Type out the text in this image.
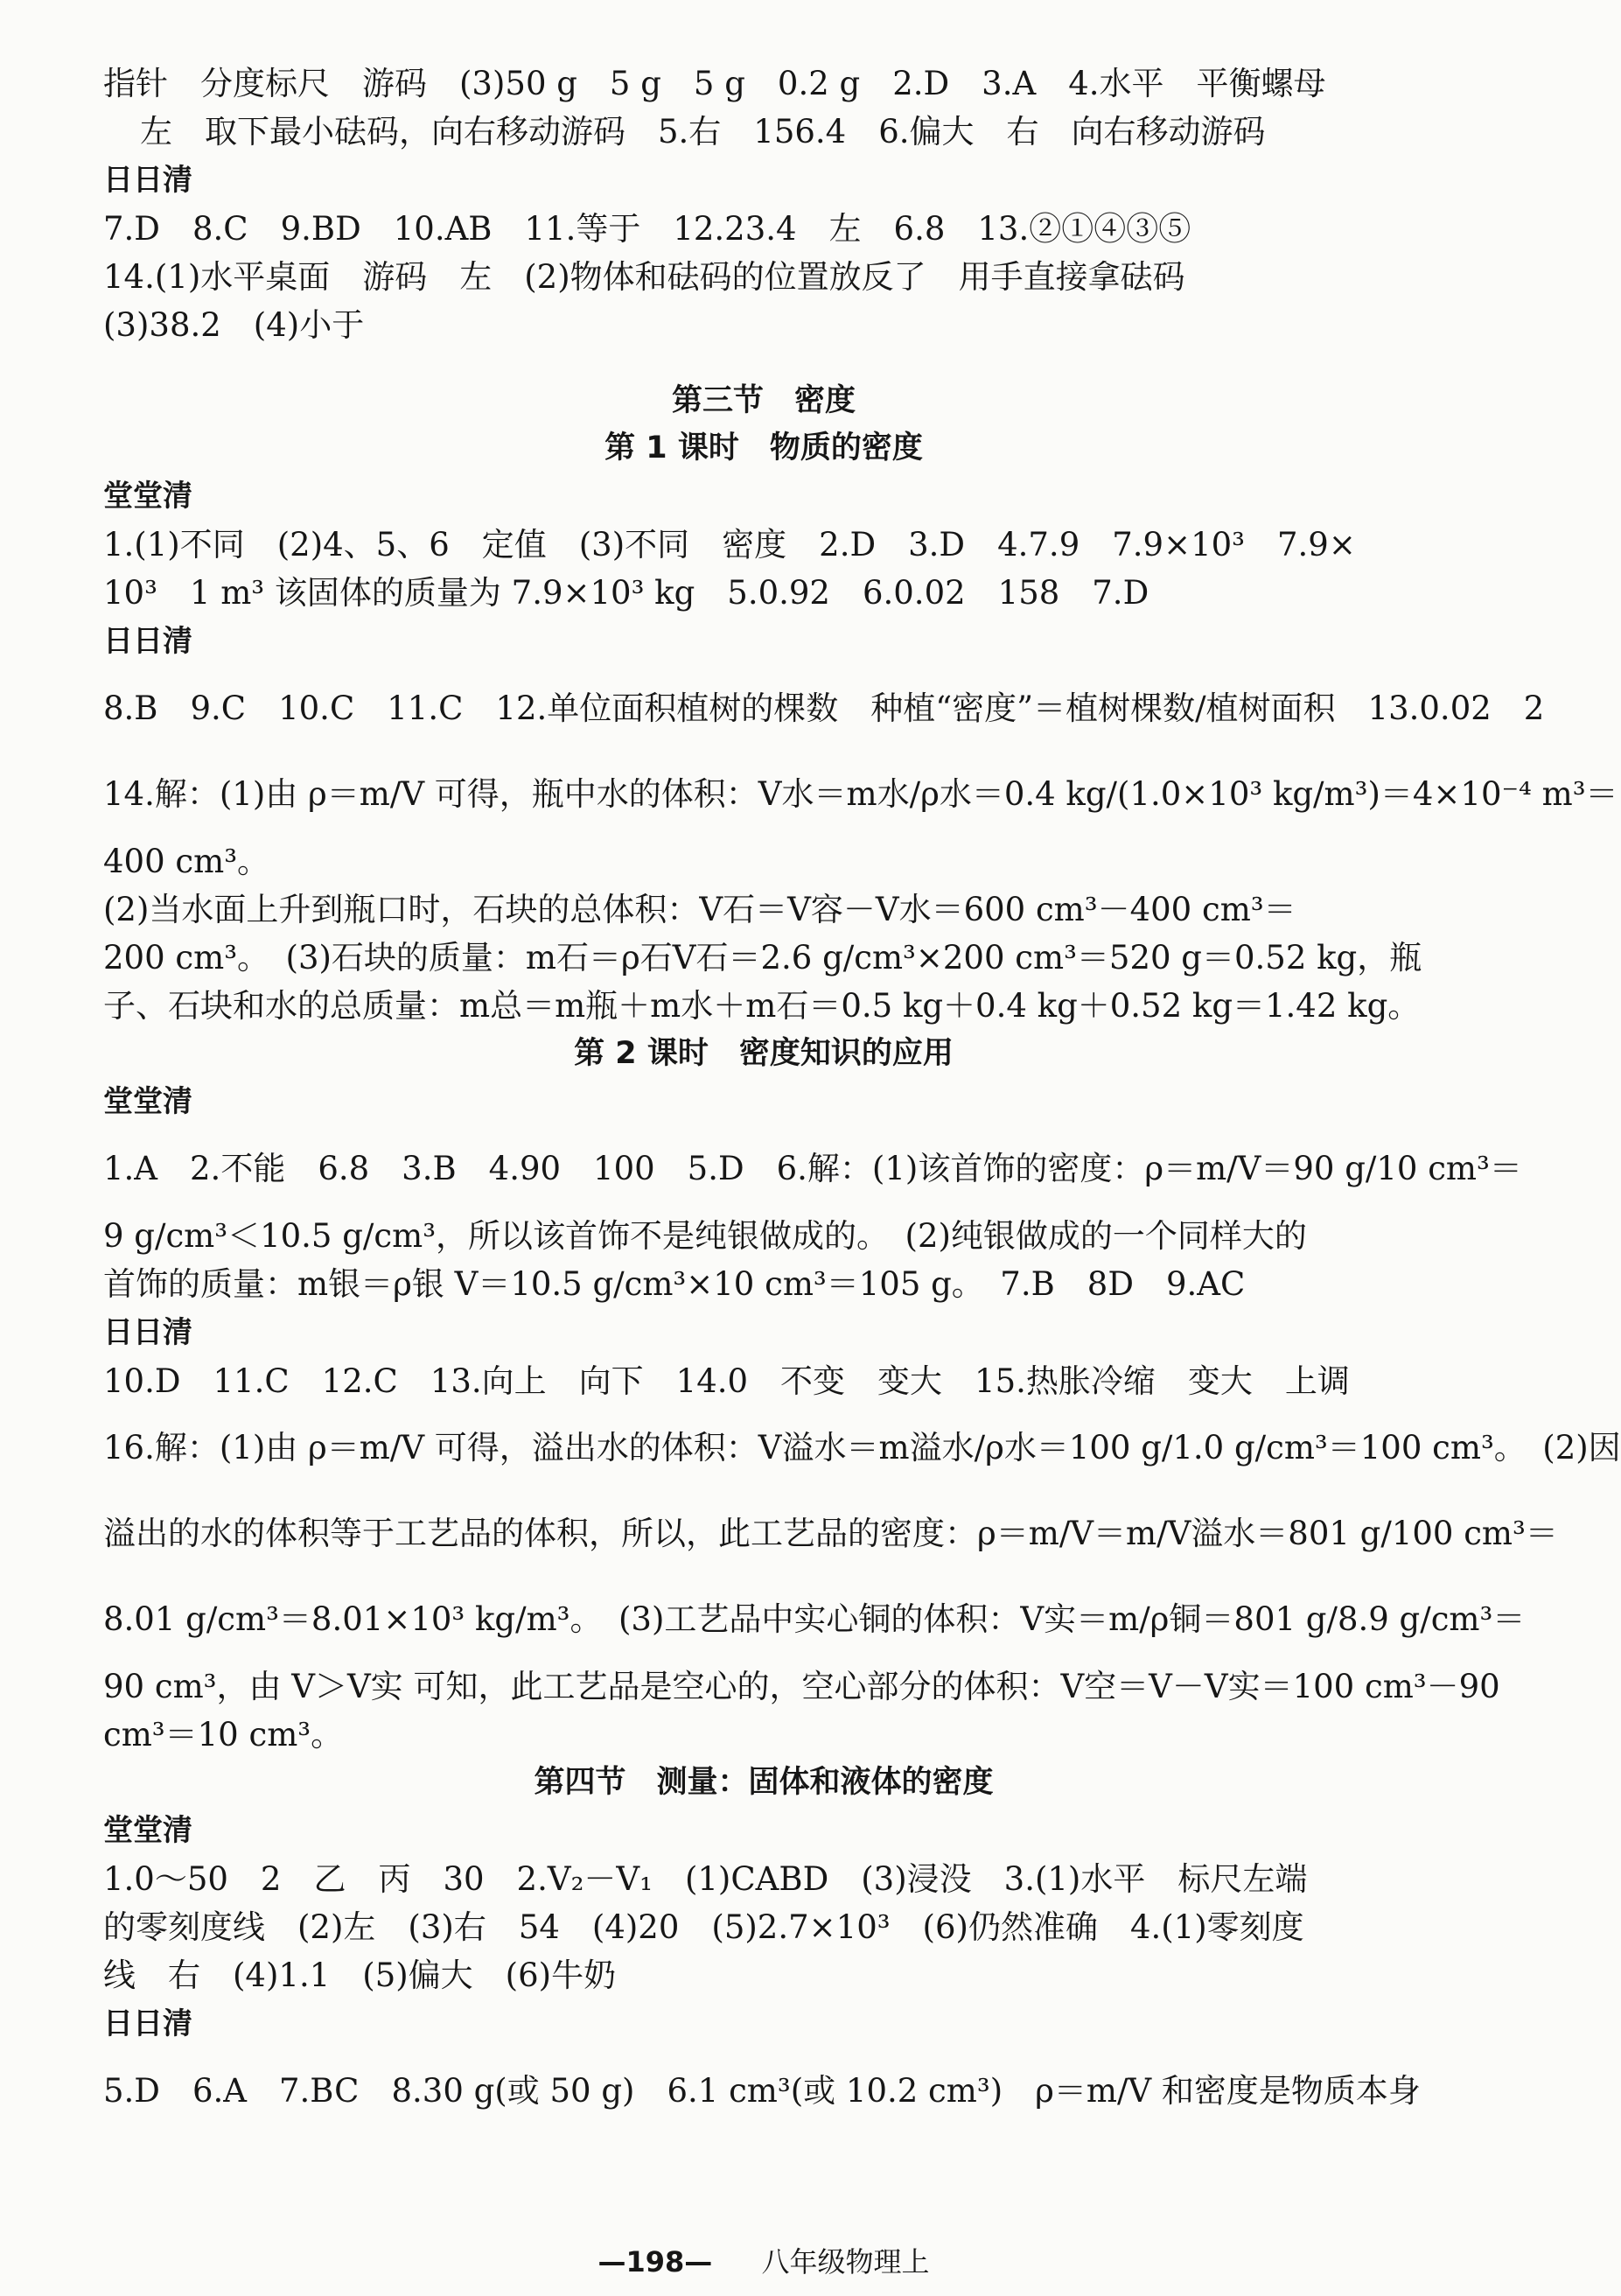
指针　分度标尺　游码　(3)50 g　5 g　5 g　0.2 g　2.D　3.A　4.水平　平衡螺母
左　取下最小砝码，向右移动游码　5.右　156.4　6.偏大　右　向右移动游码
日日清
7.D　8.C　9.BD　10.AB　11.等于　12.23.4　左　6.8　13.②①④③⑤
14.(1)水平桌面　游码　左　(2)物体和砝码的位置放反了　用手直接拿砝码
(3)38.2　(4)小于
第三节　密度
第 1 课时　物质的密度
堂堂清
1.(1)不同　(2)4、5、6　定值　(3)不同　密度　2.D　3.D　4.7.9　7.9×10³　7.9×
10³　1 m³ 该固体的质量为 7.9×10³ kg　5.0.92　6.0.02　158　7.D
日日清
8.B　9.C　10.C　11.C　12.单位面积植树的棵数　种植“密度”＝植树棵数/植树面积　13.0.02　2
14.解：(1)由 ρ＝m/V 可得，瓶中水的体积：V水＝m水/ρ水＝0.4 kg/(1.0×10³ kg/m³)＝4×10⁻⁴ m³＝
400 cm³。
(2)当水面上升到瓶口时，石块的总体积：V石＝V容－V水＝600 cm³－400 cm³＝
200 cm³。　(3)石块的质量：m石＝ρ石V石＝2.6 g/cm³×200 cm³＝520 g＝0.52 kg，瓶
子、石块和水的总质量：m总＝m瓶＋m水＋m石＝0.5 kg＋0.4 kg＋0.52 kg＝1.42 kg。
第 2 课时　密度知识的应用
堂堂清
1.A　2.不能　6.8　3.B　4.90　100　5.D　6.解：(1)该首饰的密度：ρ＝m/V＝90 g/10 cm³＝
9 g/cm³＜10.5 g/cm³，所以该首饰不是纯银做成的。　(2)纯银做成的一个同样大的
首饰的质量：m银＝ρ银 V＝10.5 g/cm³×10 cm³＝105 g。　7.B　8D　9.AC
日日清
10.D　11.C　12.C　13.向上　向下　14.0　不变　变大　15.热胀冷缩　变大　上调
16.解：(1)由 ρ＝m/V 可得，溢出水的体积：V溢水＝m溢水/ρ水＝100 g/1.0 g/cm³＝100 cm³。　(2)因
溢出的水的体积等于工艺品的体积，所以，此工艺品的密度：ρ＝m/V＝m/V溢水＝801 g/100 cm³＝
8.01 g/cm³＝8.01×10³ kg/m³。　(3)工艺品中实心铜的体积：V实＝m/ρ铜＝801 g/8.9 g/cm³＝
90 cm³，由 V＞V实 可知，此工艺品是空心的，空心部分的体积：V空＝V－V实＝100 cm³－90
cm³＝10 cm³。
第四节　测量：固体和液体的密度
堂堂清
1.0～50　2　乙　丙　30　2.V₂－V₁　(1)CABD　(3)浸没　3.(1)水平　标尺左端
的零刻度线　(2)左　(3)右　54　(4)20　(5)2.7×10³　(6)仍然准确　4.(1)零刻度
线　右　(4)1.1　(5)偏大　(6)牛奶
日日清
5.D　6.A　7.BC　8.30 g(或 50 g)　6.1 cm³(或 10.2 cm³)　ρ＝m/V 和密度是物质本身
—198— 八年级物理上
